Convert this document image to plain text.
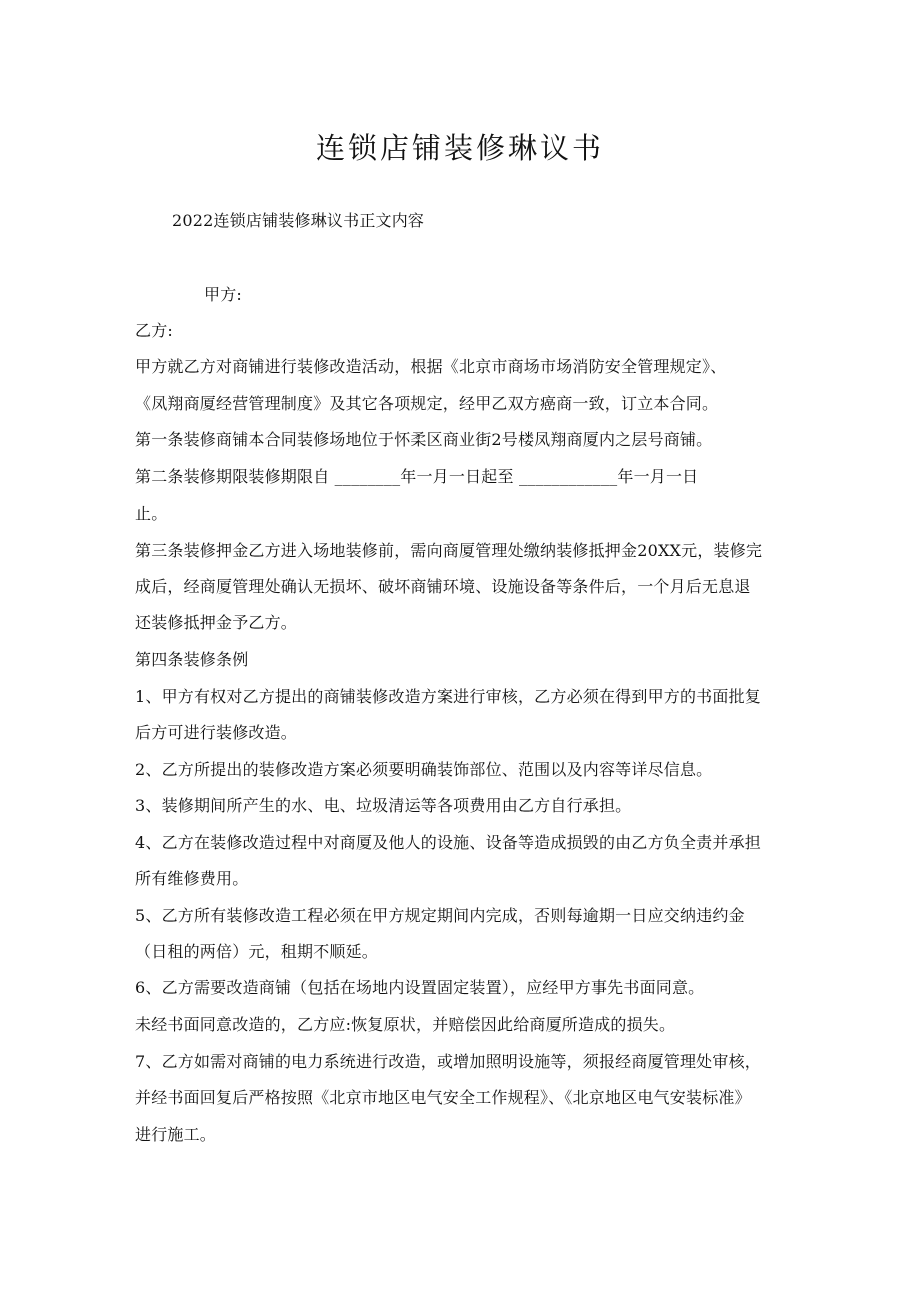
连锁店铺装修琳议书
2022连锁店铺装修琳议书正文内容
甲方:
乙方:
甲方就乙方对商铺进行装修改造活动，根据《北京市商场市场消防安全管理规定》、
《凤翔商厦经营管理制度》及其它各项规定，经甲乙双方癌商一致，订立本合同。
第一条装修商铺本合同装修场地位于怀柔区商业街2号楼凤翔商厦内之层号商铺。
第二条装修期限装修期限自 ________年一月一日起至 ____________年一月一日
止。
第三条装修押金乙方进入场地装修前，需向商厦管理处缴纳装修抵押金20XX元，装修完
成后，经商厦管理处确认无损坏、破坏商铺环境、设施设备等条件后，一个月后无息退
还装修抵押金予乙方。
第四条装修条例
1、甲方有权对乙方提出的商铺装修改造方案进行审核，乙方必须在得到甲方的书面批复
后方可进行装修改造。
2、乙方所提出的装修改造方案必须要明确装饰部位、范围以及内容等详尽信息。
3、装修期间所产生的水、电、垃圾清运等各项费用由乙方自行承担。
4、乙方在装修改造过程中对商厦及他人的设施、设备等造成损毁的由乙方负全责并承担
所有维修费用。
5、乙方所有装修改造工程必须在甲方规定期间内完成，否则每逾期一日应交纳违约金
（日租的两倍）元，租期不顺延。
6、乙方需要改造商铺（包括在场地内设置固定装置），应经甲方事先书面同意。
未经书面同意改造的，乙方应:恢复原状，并赔偿因此给商厦所造成的损失。
7、乙方如需对商铺的电力系统进行改造，或增加照明设施等，须报经商厦管理处审核，
并经书面回复后严格按照《北京市地区电气安全工作规程》、《北京地区电气安装标准》
进行施工。
